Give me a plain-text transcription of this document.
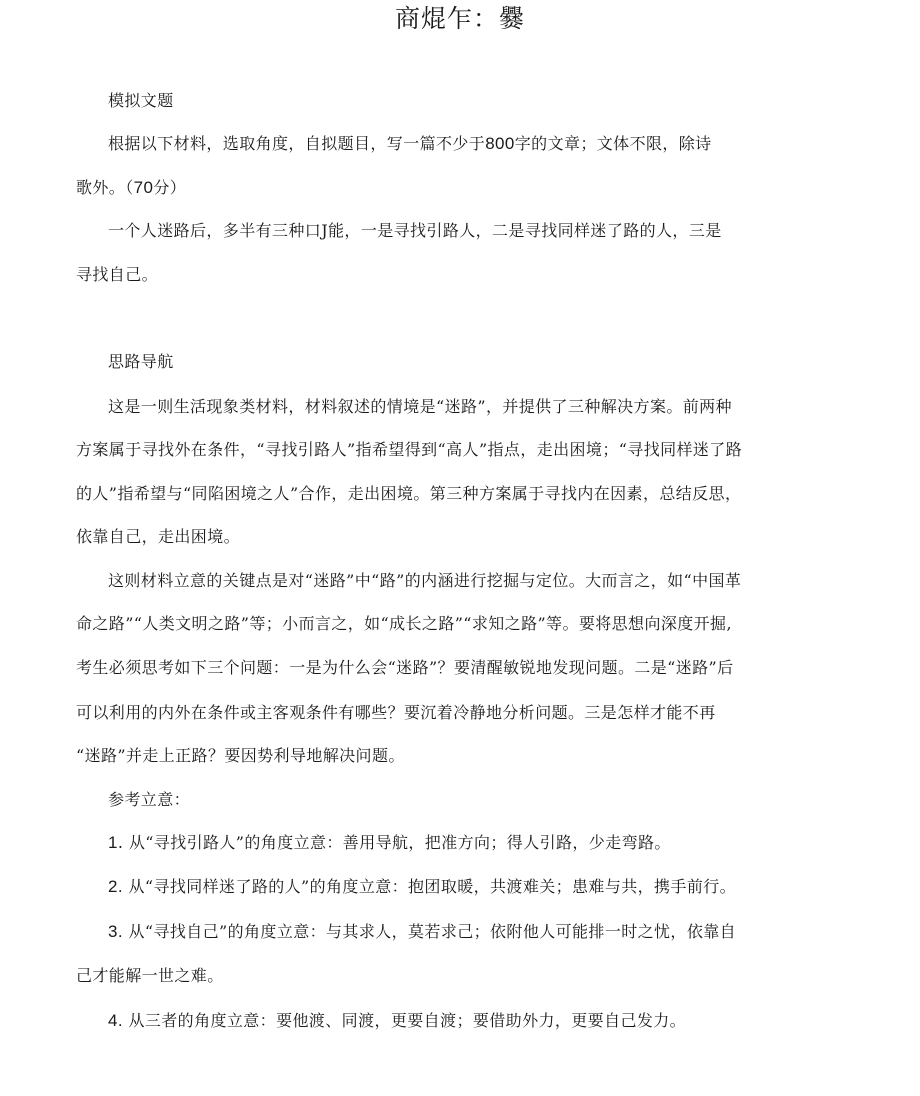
商焜乍：爨
模拟文题
根据以下材料，选取角度，自拟题目，写一篇不少于800字的文章；文体不限，除诗
歌外。（70分）
一个人迷路后，多半有三种口J能，一是寻找引路人，二是寻找同样迷了路的人，三是
寻找自己。
思路导航
这是一则生活现象类材料，材料叙述的情境是“迷路”，并提供了三种解决方案。前两种
方案属于寻找外在条件，“寻找引路人”指希望得到“高人”指点，走出困境；“寻找同样迷了路
的人”指希望与“同陷困境之人”合作，走出困境。第三种方案属于寻找内在因素，总结反思，
依靠自己，走出困境。
这则材料立意的关键点是对“迷路”中“路”的内涵进行挖掘与定位。大而言之，如“中国革
命之路”“人类文明之路”等；小而言之，如“成长之路”“求知之路”等。要将思想向深度开掘,
考生必须思考如下三个问题：一是为什么会“迷路”？要清醒敏锐地发现问题。二是“迷路”后
可以利用的内外在条件或主客观条件有哪些？要沉着冷静地分析问题。三是怎样才能不再
“迷路”并走上正路？要因势利导地解决问题。
参考立意：
1. 从“寻找引路人”的角度立意：善用导航，把准方向；得人引路，少走弯路。
2. 从“寻找同样迷了路的人”的角度立意：抱团取暖，共渡难关；患难与共，携手前行。
3. 从“寻找自己”的角度立意：与其求人，莫若求己；依附他人可能排一时之忧，依靠自
己才能解一世之难。
4. 从三者的角度立意：要他渡、同渡，更要自渡；要借助外力，更要自己发力。
